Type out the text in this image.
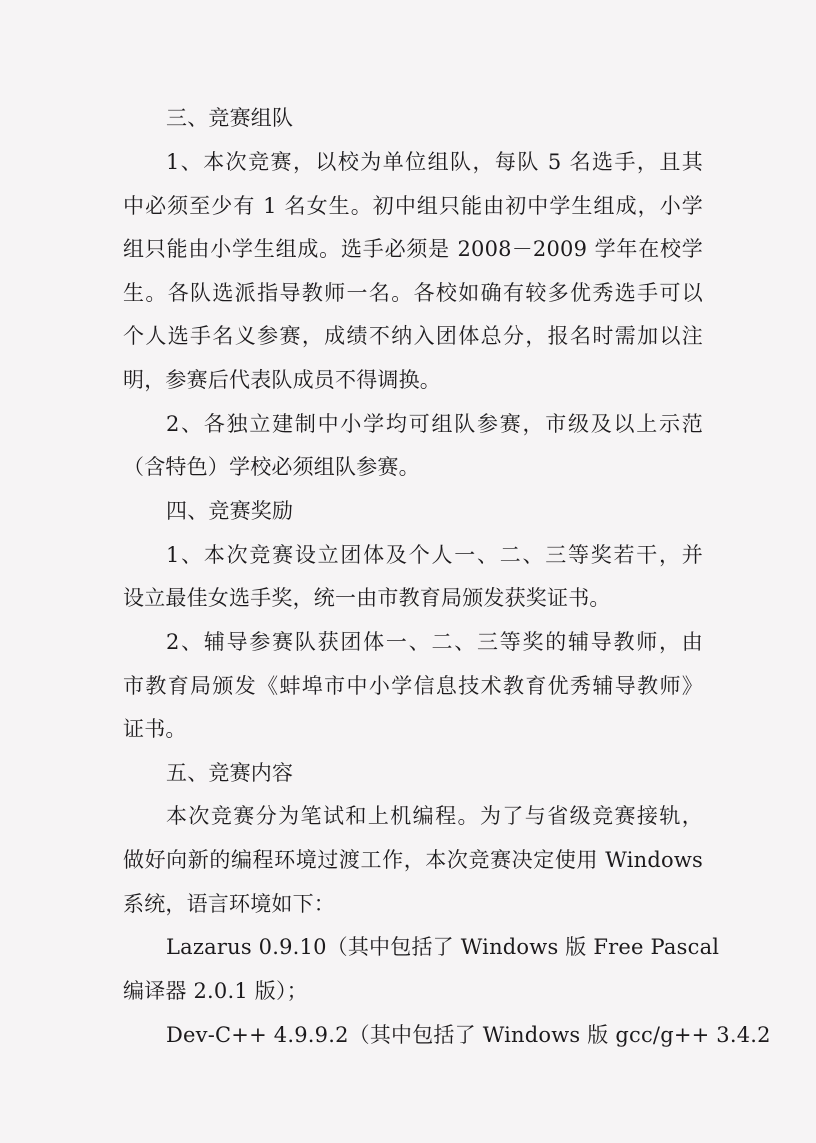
三、竞赛组队
1、本次竞赛，以校为单位组队，每队 5 名选手，且其
中必须至少有 1 名女生。初中组只能由初中学生组成，小学
组只能由小学生组成。选手必须是 2008－2009 学年在校学
生。各队选派指导教师一名。各校如确有较多优秀选手可以
个人选手名义参赛，成绩不纳入团体总分，报名时需加以注
明，参赛后代表队成员不得调换。
2、各独立建制中小学均可组队参赛，市级及以上示范
（含特色）学校必须组队参赛。
四、竞赛奖励
1、本次竞赛设立团体及个人一、二、三等奖若干，并
设立最佳女选手奖，统一由市教育局颁发获奖证书。
2、辅导参赛队获团体一、二、三等奖的辅导教师，由
市教育局颁发《蚌埠市中小学信息技术教育优秀辅导教师》
证书。
五、竞赛内容
本次竞赛分为笔试和上机编程。为了与省级竞赛接轨，
做好向新的编程环境过渡工作，本次竞赛决定使用 Windows
系统，语言环境如下：
Lazarus 0.9.10（其中包括了 Windows 版 Free Pascal
编译器 2.0.1 版）；
Dev-C++ 4.9.9.2（其中包括了 Windows 版 gcc/g++ 3.4.2
